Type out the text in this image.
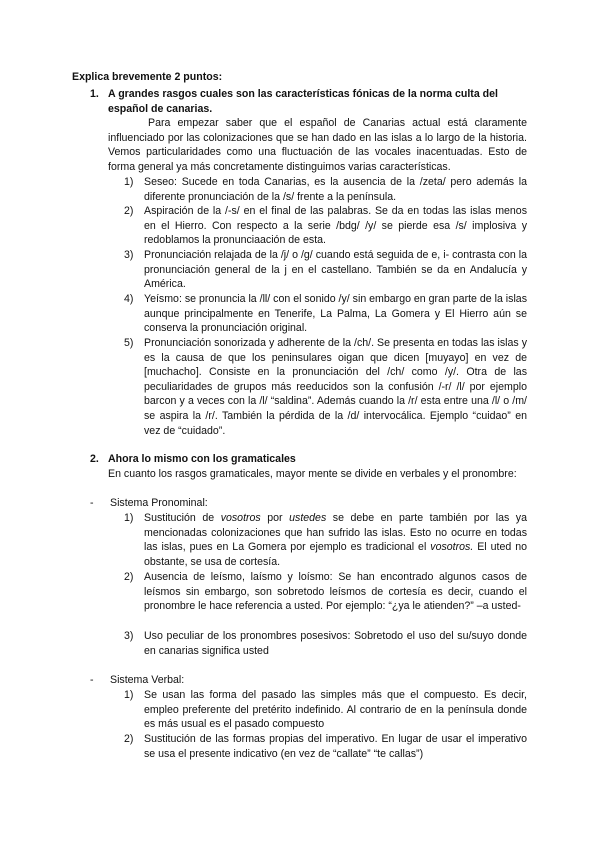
Explica brevemente 2 puntos:
1. A grandes rasgos cuales son las características fónicas de la norma culta del español de canarias.
Para empezar saber que el español de Canarias actual está claramente influenciado por las colonizaciones que se han dado en las islas a lo largo de la historia. Vemos particularidades como una fluctuación de las vocales inacentuadas. Esto de forma general ya más concretamente distinguimos varias características.
1) Seseo: Sucede en toda Canarias, es la ausencia de la /zeta/ pero además la diferente pronunciación de la /s/ frente a la península.
2) Aspiración de la /-s/ en el final de las palabras. Se da en todas las islas menos en el Hierro. Con respecto a la serie /bdg/ /y/ se pierde esa /s/ implosiva y redoblamos la pronunciaación de esta.
3) Pronunciación relajada de la /j/ o /g/ cuando está seguida de e, i- contrasta con la pronunciación general de la j en el castellano. También se da en Andalucía y América.
4) Yeísmo: se pronuncia la /ll/ con el sonido /y/ sin embargo en gran parte de la islas aunque principalmente en Tenerife, La Palma, La Gomera y El Hierro aún se conserva la pronunciación original.
5) Pronunciación sonorizada y adherente de la /ch/. Se presenta en todas las islas y es la causa de que los peninsulares oigan que dicen [muyayo] en vez de [muchacho]. Consiste en la pronunciación del /ch/ como /y/. Otra de las peculiaridades de grupos más reeducidos son la confusión /-r/ /l/ por ejemplo barcon y a veces con la /l/ “saldina”. Además cuando la /r/ esta entre una /l/ o /m/ se aspira la /r/. También la pérdida de la /d/ intervocálica. Ejemplo “cuidao” en vez de “cuidado”.
2. Ahora lo mismo con los gramaticales
En cuanto los rasgos gramaticales, mayor mente se divide en verbales y el pronombre:
-	Sistema Pronominal:
1) Sustitución de vosotros por ustedes se debe en parte también por las ya mencionadas colonizaciones que han sufrido las islas. Esto no ocurre en todas las islas, pues en La Gomera por ejemplo es tradicional el vosotros. El uted no obstante, se usa de cortesía.
2) Ausencia de leísmo, laísmo y loísmo: Se han encontrado algunos casos de leísmos sin embargo, son sobretodo leísmos de cortesía es decir, cuando el pronombre le hace referencia a usted. Por ejemplo: “¿ya le atienden?” –a usted-
3) Uso peculiar de los pronombres posesivos: Sobretodo el uso del su/suyo donde en canarias significa usted
-	Sistema Verbal:
1) Se usan las forma del pasado las simples más que el compuesto. Es decir, empleo preferente del pretérito indefinido. Al contrario de en la península donde es más usual es el pasado compuesto
2) Sustitución de las formas propias del imperativo. En lugar de usar el imperativo se usa el presente indicativo (en vez de “callate” “te callas”)
